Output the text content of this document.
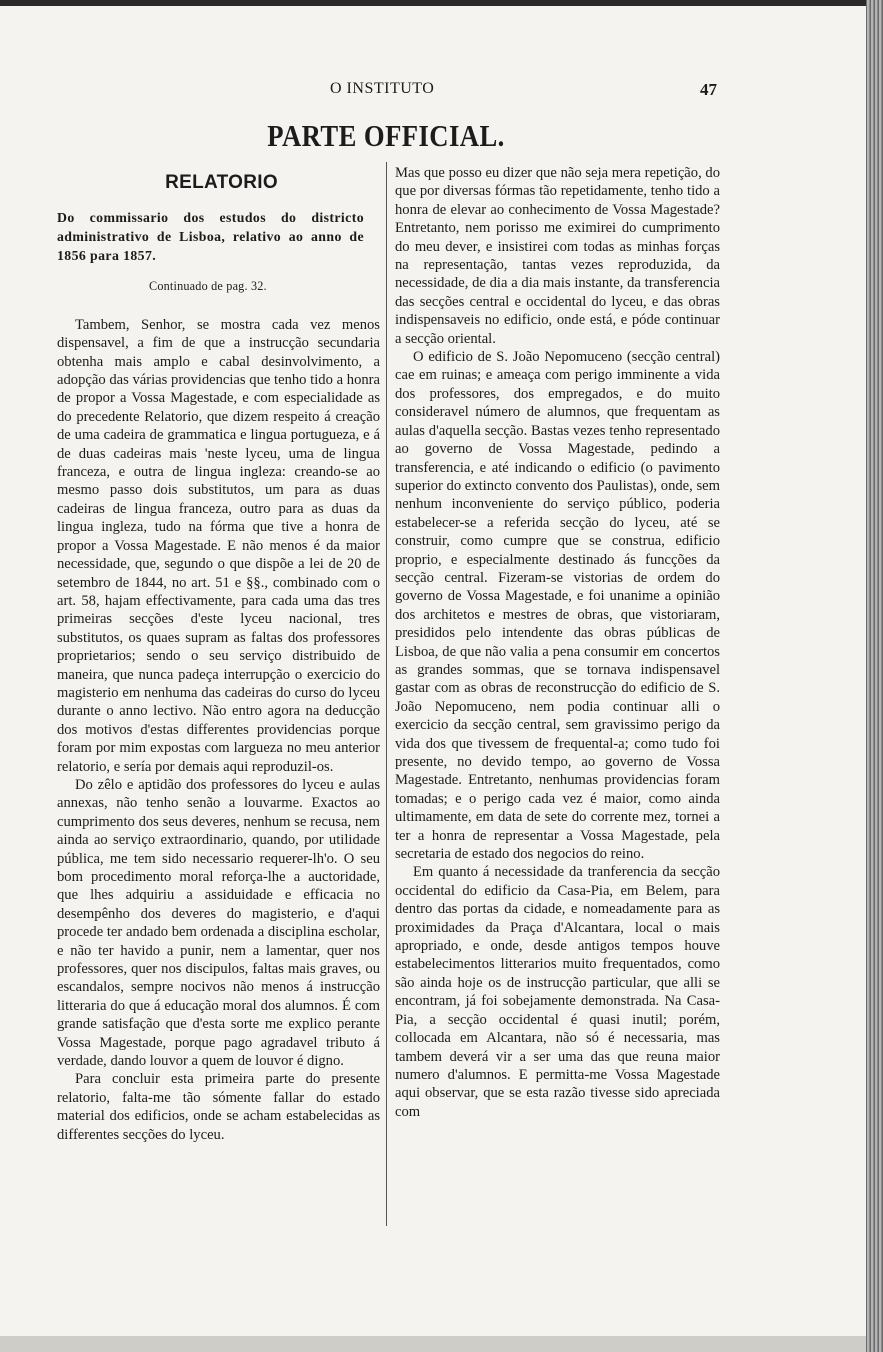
O INSTITUTO	47
PARTE OFFICIAL.
RELATORIO
Do commissario dos estudos do districto administrativo de Lisboa, relativo ao anno de 1856 para 1857.
Continuado de pag. 32.

Tambem, Senhor, se mostra cada vez menos dispensavel, a fim de que a instrucção secundaria obtenha mais amplo e cabal desinvolvimento, a adopção das várias providencias que tenho tido a honra de propor a Vossa Magestade, e com especialidade as do precedente Relatorio, que dizem respeito á creação de uma cadeira de grammatica e lingua portugueza, e á de duas cadeiras mais 'neste lyceu, uma de lingua franceza, e outra de lingua ingleza: creando-se ao mesmo passo dois substitutos, um para as duas cadeiras de lingua franceza, outro para as duas da lingua ingleza, tudo na fórma que tive a honra de propor a Vossa Magestade. E não menos é da maior necessidade, que, segundo o que dispõe a lei de 20 de setembro de 1844, no art. 51 e §§., combinado com o art. 58, hajam effectivamente, para cada uma das tres primeiras secções d'este lyceu nacional, tres substitutos, os quaes supram as faltas dos professores proprietarios; sendo o seu serviço distribuido de maneira, que nunca padeça interrupção o exercicio do magisterio em nenhuma das cadeiras do curso do lyceu durante o anno lectivo. Não entro agora na deducção dos motivos d'estas differentes providencias porque foram por mim expostas com largueza no meu anterior relatorio, e sería por demais aqui reproduzil-os.

Do zêlo e aptidão dos professores do lyceu e aulas annexas, não tenho senão a louvarme. Exactos ao cumprimento dos seus deveres, nenhum se recusa, nem ainda ao serviço extraordinario, quando, por utilidade pública, me tem sido necessario requerer-lh'o. O seu bom procedimento moral reforça-lhe a auctoridade, que lhes adquiriu a assiduidade e efficacia no desempênho dos deveres do magisterio, e d'aqui procede ter andado bem ordenada a disciplina escholar, e não ter havido a punir, nem a lamentar, quer nos professores, quer nos discipulos, faltas mais graves, ou escandalos, sempre nocivos não menos á instrucção litteraria do que á educação moral dos alumnos. É com grande satisfação que d'esta sorte me explico perante Vossa Magestade, porque pago agradavel tributo á verdade, dando louvor a quem de louvor é digno.

Para concluir esta primeira parte do presente relatorio, falta-me tão sómente fallar do estado material dos edificios, onde se acham estabelecidas as differentes secções do lyceu.

Mas que posso eu dizer que não seja mera repetição, do que por diversas fórmas tão repetidamente, tenho tido a honra de elevar ao conhecimento de Vossa Magestade? Entretanto, nem porisso me eximirei do cumprimento do meu dever, e insistirei com todas as minhas forças na representação, tantas vezes reproduzida, da necessidade, de dia a dia mais instante, da transferencia das secções central e occidental do lyceu, e das obras indispensaveis no edificio, onde está, e póde continuar a secção oriental.

O edificio de S. João Nepomuceno (secção central) cae em ruinas; e ameaça com perigo imminente a vida dos professores, dos empregados, e do muito consideravel número de alumnos, que frequentam as aulas d'aquella secção. Bastas vezes tenho representado ao governo de Vossa Magestade, pedindo a transferencia, e até indicando o edificio (o pavimento superior do extincto convento dos Paulistas), onde, sem nenhum inconveniente do serviço público, poderia estabelecer-se a referida secção do lyceu, até se construir, como cumpre que se construa, edificio proprio, e especialmente destinado ás funcções da secção central. Fizeram-se vistorias de ordem do governo de Vossa Magestade, e foi unanime a opinião dos architetos e mestres de obras, que vistoriaram, presididos pelo intendente das obras públicas de Lisboa, de que não valia a pena consumir em concertos as grandes sommas, que se tornava indispensavel gastar com as obras de reconstrucção do edificio de S. João Nepomuceno, nem podia continuar alli o exercicio da secção central, sem gravissimo perigo da vida dos que tivessem de frequental-a; como tudo foi presente, no devido tempo, ao governo de Vossa Magestade. Entretanto, nenhumas providencias foram tomadas; e o perigo cada vez é maior, como ainda ultimamente, em data de sete do corrente mez, tornei a ter a honra de representar a Vossa Magestade, pela secretaria de estado dos negocios do reino.

Em quanto á necessidade da tranferencia da secção occidental do edificio da Casa-Pia, em Belem, para dentro das portas da cidade, e nomeadamente para as proximidades da Praça d'Alcantara, local o mais apropriado, e onde, desde antigos tempos houve estabelecimentos litterarios muito frequentados, como são ainda hoje os de instrucção particular, que alli se encontram, já foi sobejamente demonstrada. Na Casa-Pia, a secção occidental é quasi inutil; porém, collocada em Alcantara, não só é necessaria, mas tambem deverá vir a ser uma das que reuna maior numero d'alumnos. E permitta-me Vossa Magestade aqui observar, que se esta razão tivesse sido apreciada com
